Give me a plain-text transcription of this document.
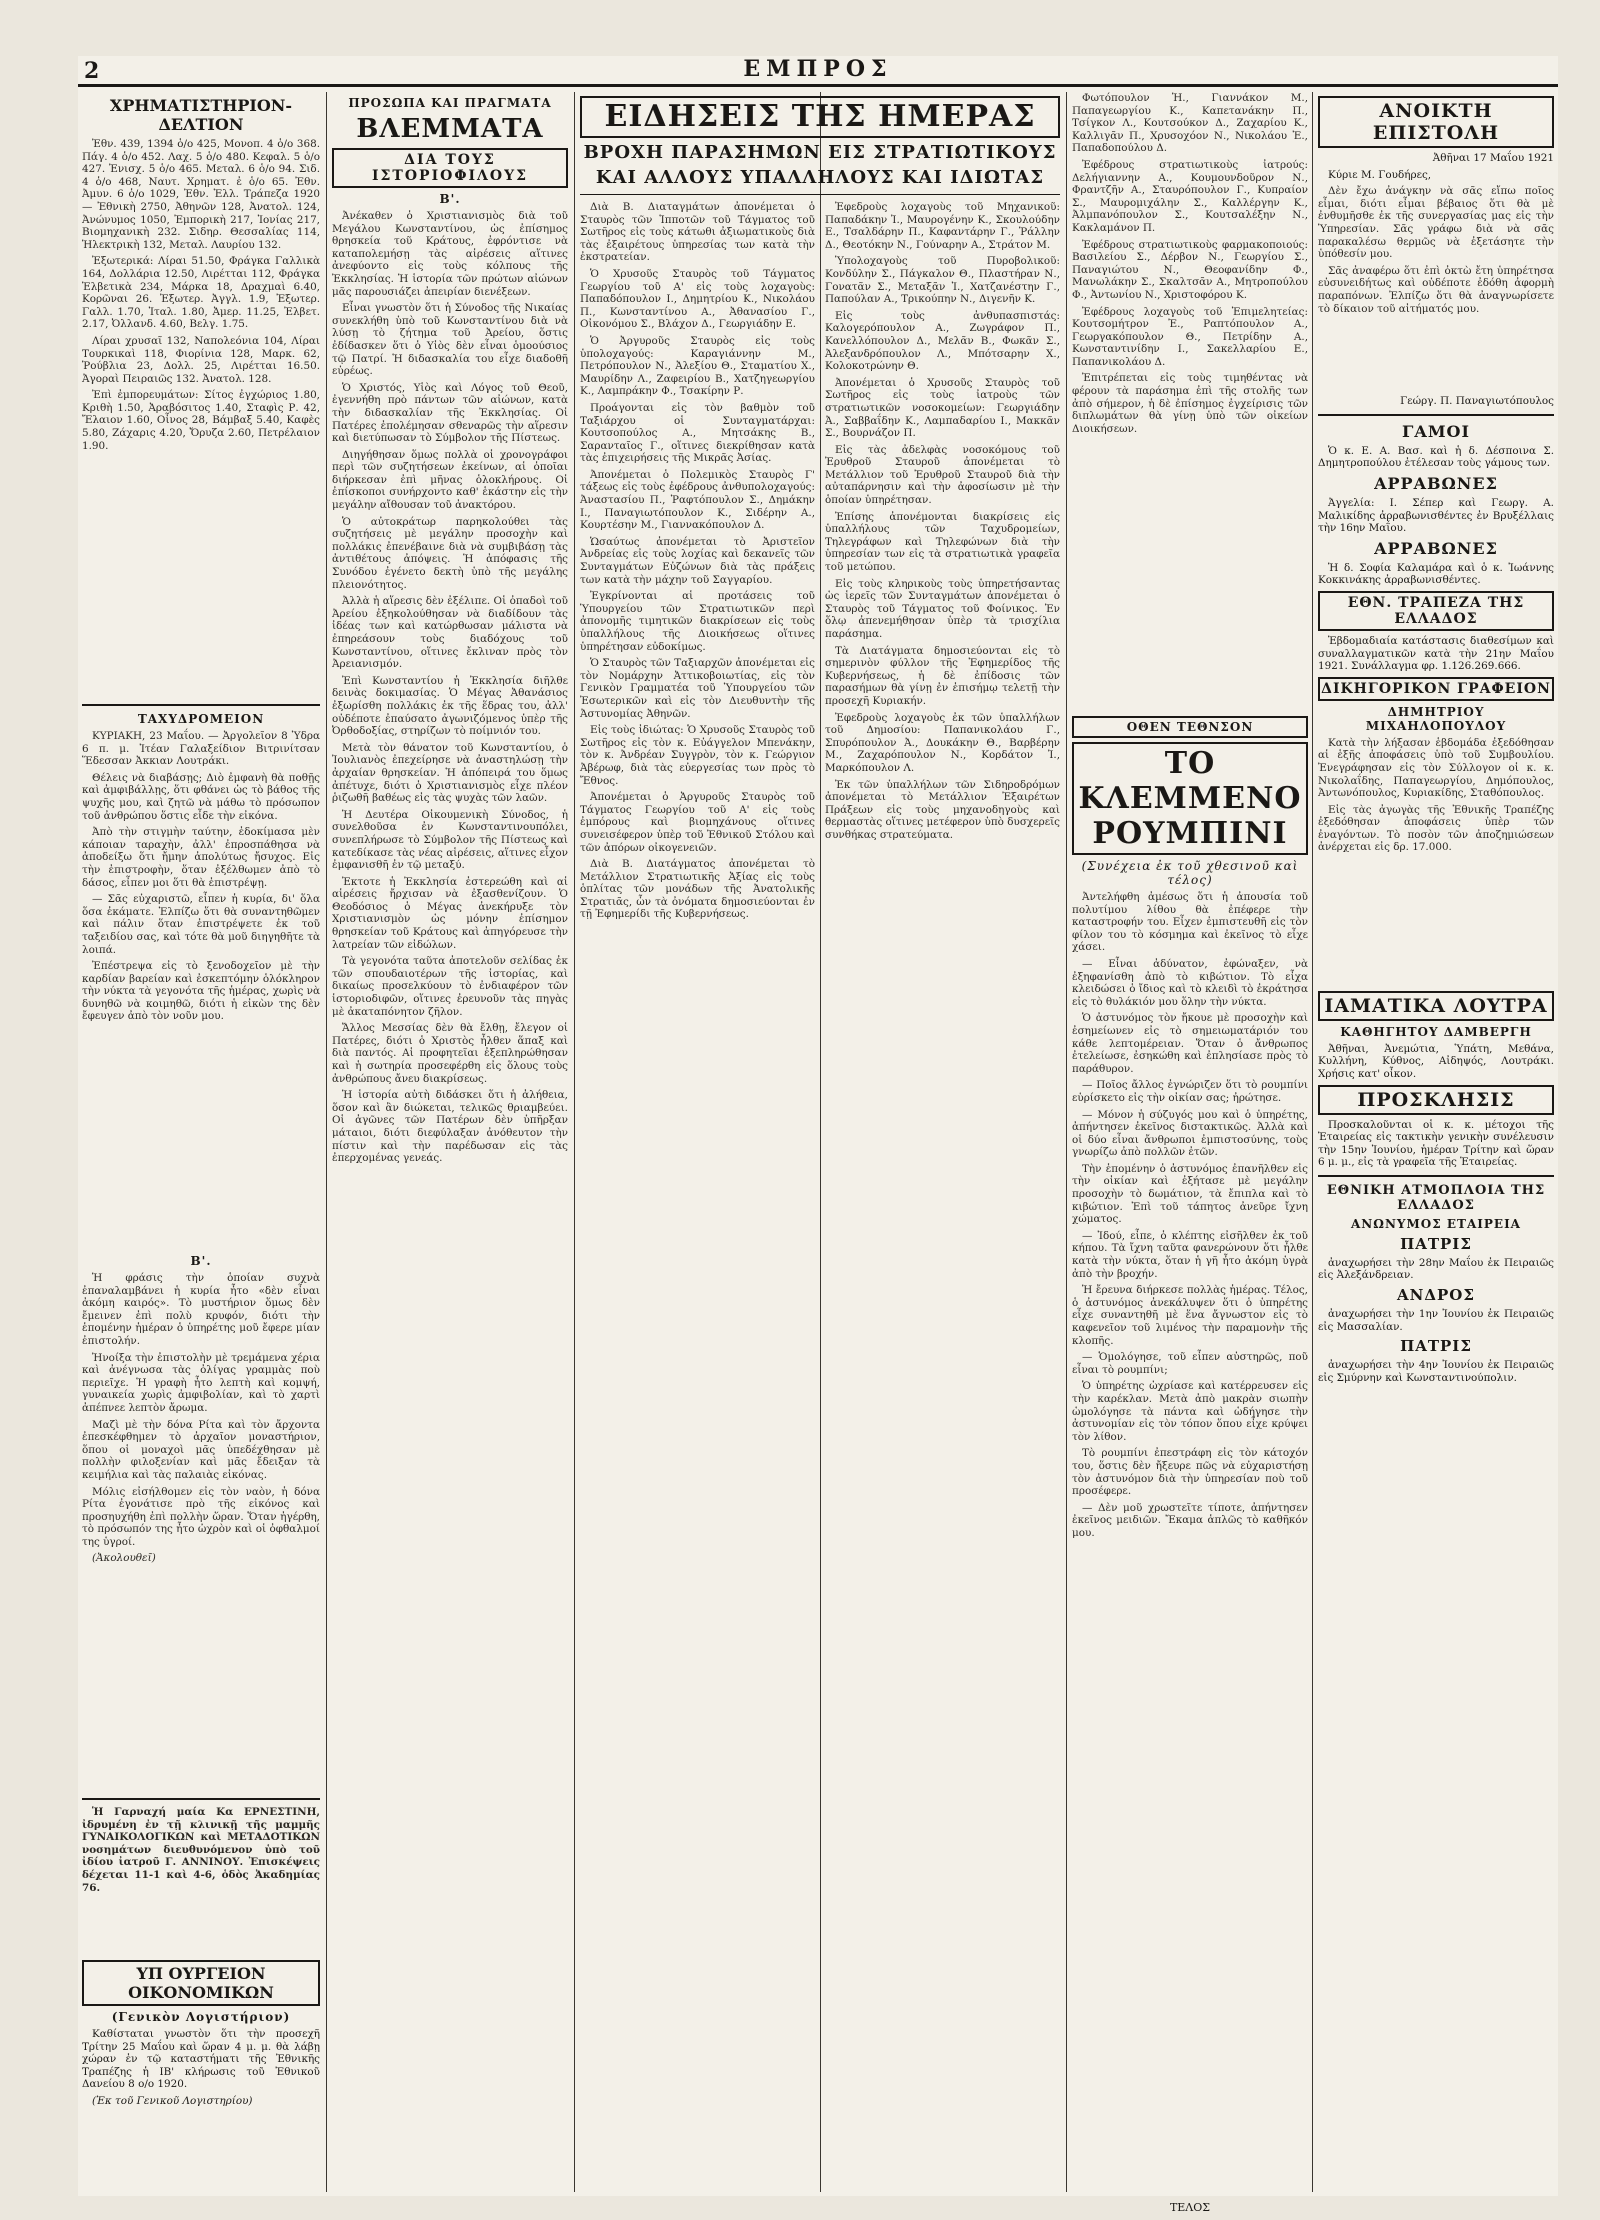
2	ΕΜΠΡΟΣ
ΧΡΗΜΑΤΙΣΤΗΡΙΟΝ-ΔΕΛΤΙΟΝ

Ἐθν. 439, 1394 ὁ/ο 425, Μονοπ. 4 ὁ/ο 368. Πάγ. 4 ὁ/ο 452. Λαχ. 5 ὁ/ο 480. Κεφαλ. 5 ὁ/ο 427. Ἐνισχ. 5 ὁ/ο 465. Μεταλ. 6 ὁ/ο 94. Σιδ. 4 ὁ/ο 468, Ναυτ. Χρηματ. ἐ ὁ/ο 65. Ἐθν. Ἀμυν. 6 ὁ/ο 1029, Ἐθν. Ἑλλ. Τράπεζα 1920 — Ἐθνικὴ 2750, Ἀθηνῶν 128, Ἀνατολ. 124, Ἀνώνυμος 1050, Ἐμπορικὴ 217, Ἰονίας 217, Βιομηχανικὴ 232. Σιδηρ. Θεσσαλίας 114, Ἡλεκτρικὴ 132, Μεταλ. Λαυρίου 132.

Ἐξωτερικά: Λίραι 51.50, Φράγκα Γαλλικὰ 164, Δολλάρια 12.50, Λιρέτται 112, Φράγκα Ἑλβετικὰ 234, Μάρκα 18, Δραχμαὶ 6.40, Κορῶναι 26. Ἐξωτερ. Ἀγγλ. 1.9, Ἐξωτερ. Γαλλ. 1.70, Ἰταλ. 1.80, Ἀμερ. 11.25, Ἐλβετ. 2.17, Ὀλλανδ. 4.60, Βελγ. 1.75.

Λίραι χρυσαῖ 132, Ναπολεόνια 104, Λίραι Τουρκικαὶ 118, Φιορίνια 128, Μαρκ. 62, Ῥούβλια 23, Δολλ. 25, Λιρέτται 16.50. Ἀγοραὶ Πειραιῶς 132. Ἀνατολ. 128.

Ἐπὶ ἐμπορευμάτων: Σίτος ἐγχώριος 1.80, Κριθὴ 1.50, Ἀραβόσιτος 1.40, Σταφὶς Ρ. 42, Ἔλαιον 1.60, Οἶνος 28, Βάμβαξ 5.40, Καφὲς 5.80, Ζάχαρις 4.20, Ὄρυζα 2.60, Πετρέλαιον 1.90.

ΤΑΧΥΔΡΟΜΕΙΟΝ

ΚΥΡΙΑΚΗ, 23 Μαΐου. — Ἀργολεῖον 8 Ὑδρα 6 π. μ. Ἰτέαν Γαλαξείδιον Βιτρινίτσαν Ἕδεσσαν Ἀκκιαν Λουτράκι.

Θέλεις νὰ διαβάσῃς; Διὸ ἐμφανὴ θὰ ποθῇς καὶ ἀμφιβάλλῃς, ὅτι φθάνει ὡς τὸ βάθος τῆς ψυχῆς μου, καὶ ζητῶ νὰ μάθω τὸ πρόσωπον τοῦ ἀνθρώπου ὅστις εἶδε τὴν εἰκόνα.

Ἀπὸ τὴν στιγμὴν ταύτην, ἐδοκίμασα μὲν κάποιαν ταραχὴν, ἀλλ' ἐπροσπάθησα νὰ ἀποδείξω ὅτι ἤμην ἀπολύτως ἤσυχος. Εἰς τὴν ἐπιστροφὴν, ὅταν ἐξέλθωμεν ἀπὸ τὸ δάσος, εἶπεν μοι ὅτι θὰ ἐπιστρέψῃ.

— Σᾶς εὐχαριστῶ, εἶπεν ἡ κυρία, δι' ὅλα ὅσα ἐκάματε. Ἐλπίζω ὅτι θὰ συναντηθῶμεν καὶ πάλιν ὅταν ἐπιστρέψετε ἐκ τοῦ ταξειδίου σας, καὶ τότε θὰ μοῦ διηγηθῆτε τὰ λοιπά.

Ἐπέστρεψα εἰς τὸ ξενοδοχεῖον μὲ τὴν καρδίαν βαρείαν καὶ ἐσκεπτόμην ὁλόκληρον τὴν νύκτα τὰ γεγονότα τῆς ἡμέρας, χωρὶς νὰ δυνηθῶ νὰ κοιμηθῶ, διότι ἡ εἰκὼν της δὲν ἔφευγεν ἀπὸ τὸν νοῦν μου.

Β'.

Ἡ φράσις τὴν ὁποίαν συχνὰ ἐπαναλαμβάνει ἡ κυρία ἦτο «δὲν εἶναι ἀκόμη καιρός». Τὸ μυστήριον ὅμως δὲν ἔμεινεν ἐπὶ πολὺ κρυφόν, διότι τὴν ἑπομένην ἡμέραν ὁ ὑπηρέτης μοῦ ἔφερε μίαν ἐπιστολήν.

Ἠνοίξα τὴν ἐπιστολὴν μὲ τρεμάμενα χέρια καὶ ἀνέγνωσα τὰς ὀλίγας γραμμὰς ποὺ περιεῖχε. Ἡ γραφὴ ἦτο λεπτὴ καὶ κομψή, γυναικεία χωρὶς ἀμφιβολίαν, καὶ τὸ χαρτὶ ἀπέπνεε λεπτὸν ἄρωμα.

Μαζὶ μὲ τὴν δόνα Ρίτα καὶ τὸν ἄρχοντα ἐπεσκέφθημεν τὸ ἀρχαῖον μοναστήριον, ὅπου οἱ μοναχοὶ μᾶς ὑπεδέχθησαν μὲ πολλὴν φιλοξενίαν καὶ μᾶς ἔδειξαν τὰ κειμήλια καὶ τὰς παλαιὰς εἰκόνας.

Μόλις εἰσήλθομεν εἰς τὸν ναὸν, ἡ δόνα Ρίτα ἐγονάτισε πρὸ τῆς εἰκόνος καὶ προσηυχήθη ἐπὶ πολλὴν ὥραν. Ὅταν ἠγέρθη, τὸ πρόσωπόν της ἦτο ὠχρὸν καὶ οἱ ὀφθαλμοί της ὑγροί.

(Ἀκολουθεῖ)

Ἡ Γαρναχή μαία Κα ΕΡΝΕΣΤΙΝΗ, ἰδρυμένη ἐν τῇ κλινικῇ τῆς μαμμῆς ΓΥΝΑΙΚΟΛΟΓΙΚΩΝ καὶ ΜΕΤΑΔΟΤΙΚΩΝ νοσημάτων διευθυνόμενον ὑπὸ τοῦ ἰδίου ἰατροῦ Γ. ΑΝΝΙΝΟΥ. Ἐπισκέψεις δέχεται 11-1 καὶ 4-6, ὁδὸς Ἀκαδημίας 76.

ΥΠ ΟΥΡΓΕΙΟΝ ΟΙΚΟΝΟΜΙΚΩΝ
(Γενικὸν Λογιστήριον)

Καθίσταται γνωστὸν ὅτι τὴν προσεχῆ Τρίτην 25 Μαΐου καὶ ὥραν 4 μ. μ. θὰ λάβῃ χώραν ἐν τῷ καταστήματι τῆς Ἐθνικῆς Τραπέζης ἡ ΙΒ' κλήρωσις τοῦ Ἐθνικοῦ Δανείου 8 ο/ο 1920.

(Ἐκ τοῦ Γενικοῦ Λογιστηρίου)

ΠΡΟΣΩΠΑ ΚΑΙ ΠΡΑΓΜΑΤΑ
ΒΛΕΜΜΑΤΑ
ΔΙΑ ΤΟΥΣ ΙΣΤΟΡΙΟΦΙΛΟΥΣ
Β'.

Ἀνέκαθεν ὁ Χριστιανισμὸς διὰ τοῦ Μεγάλου Κωνσταντίνου, ὡς ἐπίσημος θρησκεία τοῦ Κράτους, ἐφρόντισε νὰ καταπολεμήσῃ τὰς αἱρέσεις αἵτινες ἀνεφύοντο εἰς τοὺς κόλπους τῆς Ἐκκλησίας. Ἡ ἱστορία τῶν πρώτων αἰώνων μᾶς παρουσιάζει ἀπειρίαν διενέξεων.

Εἶναι γνωστὸν ὅτι ἡ Σύνοδος τῆς Νικαίας συνεκλήθη ὑπὸ τοῦ Κωνσταντίνου διὰ νὰ λύσῃ τὸ ζήτημα τοῦ Ἀρείου, ὅστις ἐδίδασκεν ὅτι ὁ Υἱὸς δὲν εἶναι ὁμοούσιος τῷ Πατρί. Ἡ διδασκαλία του εἶχε διαδοθῆ εὐρέως.

Ὁ Χριστός, Υἱὸς καὶ Λόγος τοῦ Θεοῦ, ἐγεννήθη πρὸ πάντων τῶν αἰώνων, κατὰ τὴν διδασκαλίαν τῆς Ἐκκλησίας. Οἱ Πατέρες ἐπολέμησαν σθεναρῶς τὴν αἵρεσιν καὶ διετύπωσαν τὸ Σύμβολον τῆς Πίστεως.

Διηγήθησαν ὅμως πολλὰ οἱ χρονογράφοι περὶ τῶν συζητήσεων ἐκείνων, αἱ ὁποῖαι διήρκεσαν ἐπὶ μῆνας ὁλοκλήρους. Οἱ ἐπίσκοποι συνήρχοντο καθ' ἑκάστην εἰς τὴν μεγάλην αἴθουσαν τοῦ ἀνακτόρου.

Ὁ αὐτοκράτωρ παρηκολούθει τὰς συζητήσεις μὲ μεγάλην προσοχὴν καὶ πολλάκις ἐπενέβαινε διὰ νὰ συμβιβάσῃ τὰς ἀντιθέτους ἀπόψεις. Ἡ ἀπόφασις τῆς Συνόδου ἐγένετο δεκτὴ ὑπὸ τῆς μεγάλης πλειονότητος.

Ἀλλὰ ἡ αἵρεσις δὲν ἐξέλιπε. Οἱ ὀπαδοὶ τοῦ Ἀρείου ἐξηκολούθησαν νὰ διαδίδουν τὰς ἰδέας των καὶ κατώρθωσαν μάλιστα νὰ ἐπηρεάσουν τοὺς διαδόχους τοῦ Κωνσταντίνου, οἵτινες ἔκλιναν πρὸς τὸν Ἀρειανισμόν.

Ἐπὶ Κωνσταντίου ἡ Ἐκκλησία διῆλθε δεινὰς δοκιμασίας. Ὁ Μέγας Ἀθανάσιος ἐξωρίσθη πολλάκις ἐκ τῆς ἕδρας του, ἀλλ' οὐδέποτε ἐπαύσατο ἀγωνιζόμενος ὑπὲρ τῆς Ὀρθοδοξίας, στηρίζων τὸ ποίμνιόν του.

Μετὰ τὸν θάνατον τοῦ Κωνσταντίου, ὁ Ἰουλιανὸς ἐπεχείρησε νὰ ἀναστηλώσῃ τὴν ἀρχαίαν θρησκείαν. Ἡ ἀπόπειρά του ὅμως ἀπέτυχε, διότι ὁ Χριστιανισμὸς εἶχε πλέον ῥιζωθῆ βαθέως εἰς τὰς ψυχὰς τῶν λαῶν.

Ἡ Δευτέρα Οἰκουμενικὴ Σύνοδος, ἡ συνελθοῦσα ἐν Κωνσταντινουπόλει, συνεπλήρωσε τὸ Σύμβολον τῆς Πίστεως καὶ κατεδίκασε τὰς νέας αἱρέσεις, αἵτινες εἶχον ἐμφανισθῆ ἐν τῷ μεταξύ.

Ἐκτοτε ἡ Ἐκκλησία ἐστερεώθη καὶ αἱ αἱρέσεις ἤρχισαν νὰ ἐξασθενίζουν. Ὁ Θεοδόσιος ὁ Μέγας ἀνεκήρυξε τὸν Χριστιανισμὸν ὡς μόνην ἐπίσημον θρησκείαν τοῦ Κράτους καὶ ἀπηγόρευσε τὴν λατρείαν τῶν εἰδώλων.

Τὰ γεγονότα ταῦτα ἀποτελοῦν σελίδας ἐκ τῶν σπουδαιοτέρων τῆς ἱστορίας, καὶ δικαίως προσελκύουν τὸ ἐνδιαφέρον τῶν ἱστοριοδιφῶν, οἵτινες ἐρευνοῦν τὰς πηγὰς μὲ ἀκαταπόνητον ζῆλον.

Ἄλλος Μεσσίας δὲν θὰ ἔλθῃ, ἔλεγον οἱ Πατέρες, διότι ὁ Χριστὸς ἦλθεν ἅπαξ καὶ διὰ παντός. Αἱ προφητεῖαι ἐξεπληρώθησαν καὶ ἡ σωτηρία προσεφέρθη εἰς ὅλους τοὺς ἀνθρώπους ἄνευ διακρίσεως.

Ἡ ἱστορία αὐτὴ διδάσκει ὅτι ἡ ἀλήθεια, ὅσον καὶ ἂν διώκεται, τελικῶς θριαμβεύει. Οἱ ἀγῶνες τῶν Πατέρων δὲν ὑπῆρξαν μάταιοι, διότι διεφύλαξαν ἀνόθευτον τὴν πίστιν καὶ τὴν παρέδωσαν εἰς τὰς ἐπερχομένας γενεάς.

ΕΙΔΗΣΕΙΣ ΤΗΣ ΗΜΕΡΑΣ
ΒΡΟΧΗ ΠΑΡΑΣΗΜΩΝ ΕΙΣ ΣΤΡΑΤΙΩΤΙΚΟΥΣ
ΚΑΙ ΑΛΛΟΥΣ ΥΠΑΛΛΗΛΟΥΣ ΚΑΙ ΙΔΙΩΤΑΣ

Διὰ Β. Διαταγμάτων ἀπονέμεται ὁ Σταυρὸς τῶν Ἱπποτῶν τοῦ Τάγματος τοῦ Σωτῆρος εἰς τοὺς κάτωθι ἀξιωματικοὺς διὰ τὰς ἐξαιρέτους ὑπηρεσίας των κατὰ τὴν ἐκστρατείαν.

Ὁ Χρυσοῦς Σταυρὸς τοῦ Τάγματος Γεωργίου τοῦ Α' εἰς τοὺς λοχαγοὺς: Παπαδόπουλον Ι., Δημητρίου Κ., Νικολάου Π., Κωνσταντίνου Α., Ἀθανασίου Γ., Οἰκονόμου Σ., Βλάχον Δ., Γεωργιάδην Ε.

Ὁ Ἀργυροῦς Σταυρὸς εἰς τοὺς ὑπολοχαγούς: Καραγιάννην Μ., Πετρόπουλον Ν., Ἀλεξίου Θ., Σταματίου Χ., Μαυρίδην Λ., Ζαφειρίου Β., Χατζηγεωργίου Κ., Λαμπράκην Φ., Τσακίρην Ρ.

Προάγονται εἰς τὸν βαθμὸν τοῦ Ταξιάρχου οἱ Συνταγματάρχαι: Κουτσοπούλος Α., Μητσάκης Β., Σαρανταῖος Γ., οἵτινες διεκρίθησαν κατὰ τὰς ἐπιχειρήσεις τῆς Μικρᾶς Ἀσίας.

Ἀπονέμεται ὁ Πολεμικὸς Σταυρὸς Γ' τάξεως εἰς τοὺς ἐφέδρους ἀνθυπολοχαγούς: Ἀναστασίου Π., Ῥαφτόπουλον Σ., Δημάκην Ι., Παναγιωτόπουλον Κ., Σιδέρην Α., Κουρτέσην Μ., Γιαννακόπουλον Δ.

Ὡσαύτως ἀπονέμεται τὸ Ἀριστεῖον Ἀνδρείας εἰς τοὺς λοχίας καὶ δεκανεῖς τῶν Συνταγμάτων Εὐζώνων διὰ τὰς πράξεις των κατὰ τὴν μάχην τοῦ Σαγγαρίου.

Ἐγκρίνονται αἱ προτάσεις τοῦ Ὑπουργείου τῶν Στρατιωτικῶν περὶ ἀπονομῆς τιμητικῶν διακρίσεων εἰς τοὺς ὑπαλλήλους τῆς Διοικήσεως οἵτινες ὑπηρέτησαν εὐδοκίμως.

Ὁ Σταυρὸς τῶν Ταξιαρχῶν ἀπονέμεται εἰς τὸν Νομάρχην Ἀττικοβοιωτίας, εἰς τὸν Γενικὸν Γραμματέα τοῦ Ὑπουργείου τῶν Ἐσωτερικῶν καὶ εἰς τὸν Διευθυντὴν τῆς Ἀστυνομίας Ἀθηνῶν.

Εἰς τοὺς ἰδιώτας: Ὁ Χρυσοῦς Σταυρὸς τοῦ Σωτῆρος εἰς τὸν κ. Εὐάγγελον Μπενάκην, τὸν κ. Ἀνδρέαν Συγγρὸν, τὸν κ. Γεώργιον Ἀβέρωφ, διὰ τὰς εὐεργεσίας των πρὸς τὸ Ἔθνος.

Ἀπονέμεται ὁ Ἀργυροῦς Σταυρὸς τοῦ Τάγματος Γεωργίου τοῦ Α' εἰς τοὺς ἐμπόρους καὶ βιομηχάνους οἵτινες συνεισέφερον ὑπὲρ τοῦ Ἐθνικοῦ Στόλου καὶ τῶν ἀπόρων οἰκογενειῶν.

Διὰ Β. Διατάγματος ἀπονέμεται τὸ Μετάλλιον Στρατιωτικῆς Ἀξίας εἰς τοὺς ὁπλίτας τῶν μονάδων τῆς Ἀνατολικῆς Στρατιᾶς, ὧν τὰ ὀνόματα δημοσιεύονται ἐν τῇ Ἐφημερίδι τῆς Κυβερνήσεως.

Ἐφεδροὺς λοχαγοὺς τοῦ Μηχανικοῦ: Παπαδάκην Ἰ., Μαυρογένην Κ., Σκουλούδην Ε., Τσαλδάρην Π., Καφαντάρην Γ., Ῥάλλην Δ., Θεοτόκην Ν., Γούναρην Α., Στράτον Μ.

Ὑπολοχαγοὺς τοῦ Πυροβολικοῦ: Κονδύλην Σ., Πάγκαλον Θ., Πλαστήραν Ν., Γονατᾶν Σ., Μεταξᾶν Ἰ., Χατζανέστην Γ., Παπούλαν Α., Τρικούπην Ν., Διγενῆν Κ.

Εἰς τοὺς ἀνθυπασπιστάς: Καλογερόπουλον Α., Ζωγράφον Π., Κανελλόπουλον Δ., Μελᾶν Β., Φωκᾶν Σ., Ἀλεξανδρόπουλον Λ., Μπότσαρην Χ., Κολοκοτρώνην Θ.

Ἀπονέμεται ὁ Χρυσοῦς Σταυρὸς τοῦ Σωτῆρος εἰς τοὺς ἰατροὺς τῶν στρατιωτικῶν νοσοκομείων: Γεωργιάδην Ἀ., Σαββαΐδην Κ., Λαμπαδαρίου Ι., Μακκᾶν Σ., Βουρνάζον Π.

Εἰς τὰς ἀδελφὰς νοσοκόμους τοῦ Ἐρυθροῦ Σταυροῦ ἀπονέμεται τὸ Μετάλλιον τοῦ Ἐρυθροῦ Σταυροῦ διὰ τὴν αὐταπάρνησιν καὶ τὴν ἀφοσίωσιν μὲ τὴν ὁποίαν ὑπηρέτησαν.

Ἐπίσης ἀπονέμονται διακρίσεις εἰς ὑπαλλήλους τῶν Ταχυδρομείων, Τηλεγράφων καὶ Τηλεφώνων διὰ τὴν ὑπηρεσίαν των εἰς τὰ στρατιωτικὰ γραφεῖα τοῦ μετώπου.

Εἰς τοὺς κληρικοὺς τοὺς ὑπηρετήσαντας ὡς ἱερεῖς τῶν Συνταγμάτων ἀπονέμεται ὁ Σταυρὸς τοῦ Τάγματος τοῦ Φοίνικος. Ἐν ὅλῳ ἀπενεμήθησαν ὑπὲρ τὰ τρισχίλια παράσημα.

Τὰ Διατάγματα δημοσιεύονται εἰς τὸ σημερινὸν φύλλον τῆς Ἐφημερίδος τῆς Κυβερνήσεως, ἡ δὲ ἐπίδοσις τῶν παρασήμων θὰ γίνῃ ἐν ἐπισήμῳ τελετῇ τὴν προσεχῆ Κυριακήν.

Ἐφεδροὺς λοχαγοὺς ἐκ τῶν ὑπαλλήλων τοῦ Δημοσίου: Παπανικολάου Γ., Σπυρόπουλον Ἀ., Δουκάκην Θ., Βαρβέρην Μ., Ζαχαρόπουλον Ν., Κορδάτον Ἰ., Μαρκόπουλον Λ.

Ἐκ τῶν ὑπαλλήλων τῶν Σιδηροδρόμων ἀπονέμεται τὸ Μετάλλιον Ἐξαιρέτων Πράξεων εἰς τοὺς μηχανοδηγοὺς καὶ θερμαστὰς οἵτινες μετέφερον ὑπὸ δυσχερεῖς συνθήκας στρατεύματα.

Φωτόπουλον Ἡ., Γιαννάκον Μ., Παπαγεωργίου Κ., Καπετανάκην Π., Τσίγκον Λ., Κουτσούκον Δ., Ζαχαρίου Κ., Καλλιγᾶν Π., Χρυσοχόον Ν., Νικολάου Ἐ., Παπαδοπούλου Δ.

Ἐφέδρους στρατιωτικοὺς ἰατρούς: Δελήγιαννην Α., Κουμουνδοῦρον Ν., Φραντζῆν Α., Σταυρόπουλον Γ., Κυπραίον Σ., Μαυρομιχάλην Σ., Καλλέργην Κ., Ἀλμπανόπουλον Σ., Κουτσαλέξην Ν., Κακλαμάνον Π.

Ἐφέδρους στρατιωτικοὺς φαρμακοποιούς: Βασιλείου Σ., Δέρβον Ν., Γεωργίου Σ., Παναγιώτου Ν., Θεοφανίδην Φ., Μανωλάκην Σ., Σκαλτσᾶν Α., Μητροπούλου Φ., Ἀντωνίου Ν., Χριστοφόρου Κ.

Ἐφέδρους λοχαγοὺς τοῦ Ἐπιμελητείας: Κουτσομήτρον Ἐ., Ραπτόπουλον Α., Γεωργακόπουλον Θ., Πετρίδην Α., Κωνσταντινίδην Ι., Σακελλαρίου Ε., Παπανικολάου Δ.

Ἐπιτρέπεται εἰς τοὺς τιμηθέντας νὰ φέρουν τὰ παράσημα ἐπὶ τῆς στολῆς των ἀπὸ σήμερον, ἡ δὲ ἐπίσημος ἐγχείρισις τῶν διπλωμάτων θὰ γίνῃ ὑπὸ τῶν οἰκείων Διοικήσεων.

ΟΘΕΝ ΤΕΘΝΣΟΝ
ΤΟ ΚΛΕΜΜΕΝΟ ΡΟΥΜΠΙΝΙ
(Συνέχεια ἐκ τοῦ χθεσινοῦ καὶ τέλος)

Ἀντελήφθη ἀμέσως ὅτι ἡ ἀπουσία τοῦ πολυτίμου λίθου θὰ ἐπέφερε τὴν καταστροφήν του. Εἶχεν ἐμπιστευθῆ εἰς τὸν φίλον του τὸ κόσμημα καὶ ἐκεῖνος τὸ εἶχε χάσει.

— Εἶναι ἀδύνατον, ἐφώναξεν, νὰ ἐξηφανίσθη ἀπὸ τὸ κιβώτιον. Τὸ εἶχα κλειδώσει ὁ ἴδιος καὶ τὸ κλειδὶ τὸ ἐκράτησα εἰς τὸ θυλάκιόν μου ὅλην τὴν νύκτα.

Ὁ ἀστυνόμος τὸν ἤκουε μὲ προσοχὴν καὶ ἐσημείωνεν εἰς τὸ σημειωματάριόν του κάθε λεπτομέρειαν. Ὅταν ὁ ἄνθρωπος ἐτελείωσε, ἐσηκώθη καὶ ἐπλησίασε πρὸς τὸ παράθυρον.

— Ποῖος ἄλλος ἐγνώριζεν ὅτι τὸ ρουμπίνι εὑρίσκετο εἰς τὴν οἰκίαν σας; ἠρώτησε.

— Μόνον ἡ σύζυγός μου καὶ ὁ ὑπηρέτης, ἀπήντησεν ἐκεῖνος διστακτικῶς. Ἀλλὰ καὶ οἱ δύο εἶναι ἄνθρωποι ἐμπιστοσύνης, τοὺς γνωρίζω ἀπὸ πολλῶν ἐτῶν.

Τὴν ἑπομένην ὁ ἀστυνόμος ἐπανῆλθεν εἰς τὴν οἰκίαν καὶ ἐξήτασε μὲ μεγάλην προσοχὴν τὸ δωμάτιον, τὰ ἔπιπλα καὶ τὸ κιβώτιον. Ἐπὶ τοῦ τάπητος ἀνεῦρε ἴχνη χώματος.

— Ἰδού, εἶπε, ὁ κλέπτης εἰσῆλθεν ἐκ τοῦ κήπου. Τὰ ἴχνη ταῦτα φανερώνουν ὅτι ἦλθε κατὰ τὴν νύκτα, ὅταν ἡ γῆ ἦτο ἀκόμη ὑγρὰ ἀπὸ τὴν βροχήν.

Ἡ ἔρευνα διήρκεσε πολλὰς ἡμέρας. Τέλος, ὁ ἀστυνόμος ἀνεκάλυψεν ὅτι ὁ ὑπηρέτης εἶχε συναντηθῆ μὲ ἕνα ἄγνωστον εἰς τὸ καφενεῖον τοῦ λιμένος τὴν παραμονὴν τῆς κλοπῆς.

— Ὁμολόγησε, τοῦ εἶπεν αὐστηρῶς, ποῦ εἶναι τὸ ρουμπίνι;

Ὁ ὑπηρέτης ὠχρίασε καὶ κατέρρευσεν εἰς τὴν καρέκλαν. Μετὰ ἀπὸ μακρὰν σιωπὴν ὡμολόγησε τὰ πάντα καὶ ὡδήγησε τὴν ἀστυνομίαν εἰς τὸν τόπον ὅπου εἶχε κρύψει τὸν λίθον.

Τὸ ρουμπίνι ἐπεστράφη εἰς τὸν κάτοχόν του, ὅστις δὲν ἤξευρε πῶς νὰ εὐχαριστήσῃ τὸν ἀστυνόμον διὰ τὴν ὑπηρεσίαν ποὺ τοῦ προσέφερε.

— Δὲν μοῦ χρωστεῖτε τίποτε, ἀπήντησεν ἐκεῖνος μειδιῶν. Ἔκαμα ἁπλῶς τὸ καθῆκόν μου.

ΤΕΛΟΣ
ΑΝΟΙΚΤΗ ΕΠΙΣΤΟΛΗ

Ἀθῆναι 17 Μαΐου 1921

Κύριε Μ. Γουδήρες,

Δὲν ἔχω ἀνάγκην νὰ σᾶς εἴπω ποῖος εἶμαι, διότι εἶμαι βέβαιος ὅτι θὰ μὲ ἐνθυμῆσθε ἐκ τῆς συνεργασίας μας εἰς τὴν Ὑπηρεσίαν. Σᾶς γράφω διὰ νὰ σᾶς παρακαλέσω θερμῶς νὰ ἐξετάσητε τὴν ὑπόθεσίν μου.

Σᾶς ἀναφέρω ὅτι ἐπὶ ὀκτὼ ἔτη ὑπηρέτησα εὐσυνειδήτως καὶ οὐδέποτε ἐδόθη ἀφορμὴ παραπόνων. Ἐλπίζω ὅτι θὰ ἀναγνωρίσετε τὸ δίκαιον τοῦ αἰτήματός μου.

Γεώργ. Π. Παναγιωτόπουλος

ΓΑΜΟΙ

Ὁ κ. Ε. Α. Βασ. καὶ ἡ δ. Δέσποινα Σ. Δημητροπούλου ἐτέλεσαν τοὺς γάμους των.

ΑΡΡΑΒΩΝΕΣ

Ἀγγελία: Ι. Σέπερ καὶ Γεωργ. Α. Μαλικίδης ἀρραβωνισθέντες ἐν Βρυξέλλαις τὴν 16ην Μαΐου.

ΑΡΡΑΒΩΝΕΣ

Ἡ δ. Σοφία Καλαμάρα καὶ ὁ κ. Ἰωάννης Κοκκινάκης ἀρραβωνισθέντες.

ΕΘΝ. ΤΡΑΠΕΖΑ ΤΗΣ ΕΛΛΑΔΟΣ

Ἑβδομαδιαία κατάστασις διαθεσίμων καὶ συναλλαγματικῶν κατὰ τὴν 21ην Μαΐου 1921. Συνάλλαγμα φρ. 1.126.269.666.

ΔΙΚΗΓΟΡΙΚΟΝ ΓΡΑΦΕΙΟΝ
ΔΗΜΗΤΡΙΟΥ ΜΙΧΑΗΛΟΠΟΥΛΟΥ

Κατὰ τὴν λήξασαν ἑβδομάδα ἐξεδόθησαν αἱ ἑξῆς ἀποφάσεις ὑπὸ τοῦ Συμβουλίου. Ἐνεγράφησαν εἰς τὸν Σύλλογον οἱ κ. κ. Νικολαΐδης, Παπαγεωργίου, Δημόπουλος, Ἀντωνόπουλος, Κυριακίδης, Σταθόπουλος.

Εἰς τὰς ἀγωγὰς τῆς Ἐθνικῆς Τραπέζης ἐξεδόθησαν ἀποφάσεις ὑπὲρ τῶν ἐναγόντων. Τὸ ποσὸν τῶν ἀποζημιώσεων ἀνέρχεται εἰς δρ. 17.000.

ΙΑΜΑΤΙΚΑ ΛΟΥΤΡΑ
ΚΑΘΗΓΗΤΟΥ ΔΑΜΒΕΡΓΗ

Ἀθῆναι, Ἀνεμώτια, Ὑπάτη, Μεθάνα, Κυλλήνη, Κύθνος, Αἰδηψός, Λουτράκι. Χρήσις κατ' οἶκον.

ΠΡΟΣΚΛΗΣΙΣ

Προσκαλοῦνται οἱ κ. κ. μέτοχοι τῆς Ἑταιρείας εἰς τακτικὴν γενικὴν συνέλευσιν τὴν 15ην Ἰουνίου, ἡμέραν Τρίτην καὶ ὥραν 6 μ. μ., εἰς τὰ γραφεῖα τῆς Ἑταιρείας.

ΕΘΝΙΚΗ ΑΤΜΟΠΛΟΙΑ ΤΗΣ ΕΛΛΑΔΟΣ
ΑΝΩΝΥΜΟΣ ΕΤΑΙΡΕΙΑ
ΠΑΤΡΙΣ

ἀναχωρήσει τὴν 28ην Μαΐου ἐκ Πειραιῶς εἰς Ἀλεξάνδρειαν.

ΑΝΔΡΟΣ

ἀναχωρήσει τὴν 1ην Ἰουνίου ἐκ Πειραιῶς εἰς Μασσαλίαν.

ΠΑΤΡΙΣ

ἀναχωρήσει τὴν 4ην Ἰουνίου ἐκ Πειραιῶς εἰς Σμύρνην καὶ Κωνσταντινούπολιν.
